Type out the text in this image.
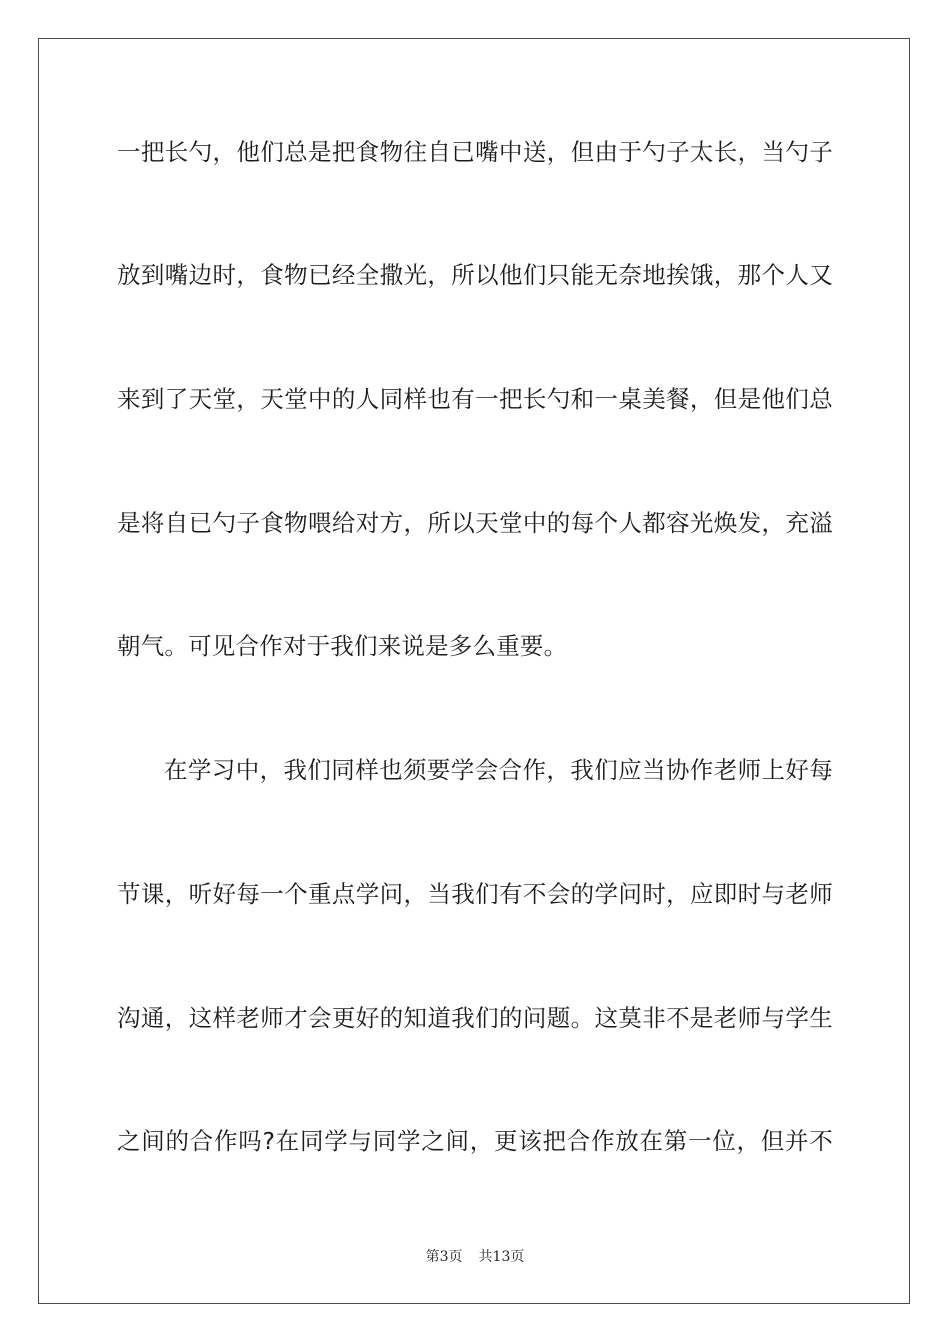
一把长勺，他们总是把食物往自已嘴中送，但由于勺子太长，当勺子
放到嘴边时，食物已经全撒光，所以他们只能无奈地挨饿，那个人又
来到了天堂，天堂中的人同样也有一把长勺和一桌美餐，但是他们总
是将自已勺子食物喂给对方，所以天堂中的每个人都容光焕发，充溢
朝气。可见合作对于我们来说是多么重要。
在学习中，我们同样也须要学会合作，我们应当协作老师上好每
节课，听好每一个重点学问，当我们有不会的学问时，应即时与老师
沟通，这样老师才会更好的知道我们的问题。这莫非不是老师与学生
之间的合作吗?在同学与同学之间，更该把合作放在第一位，但并不
第3页 共13页
